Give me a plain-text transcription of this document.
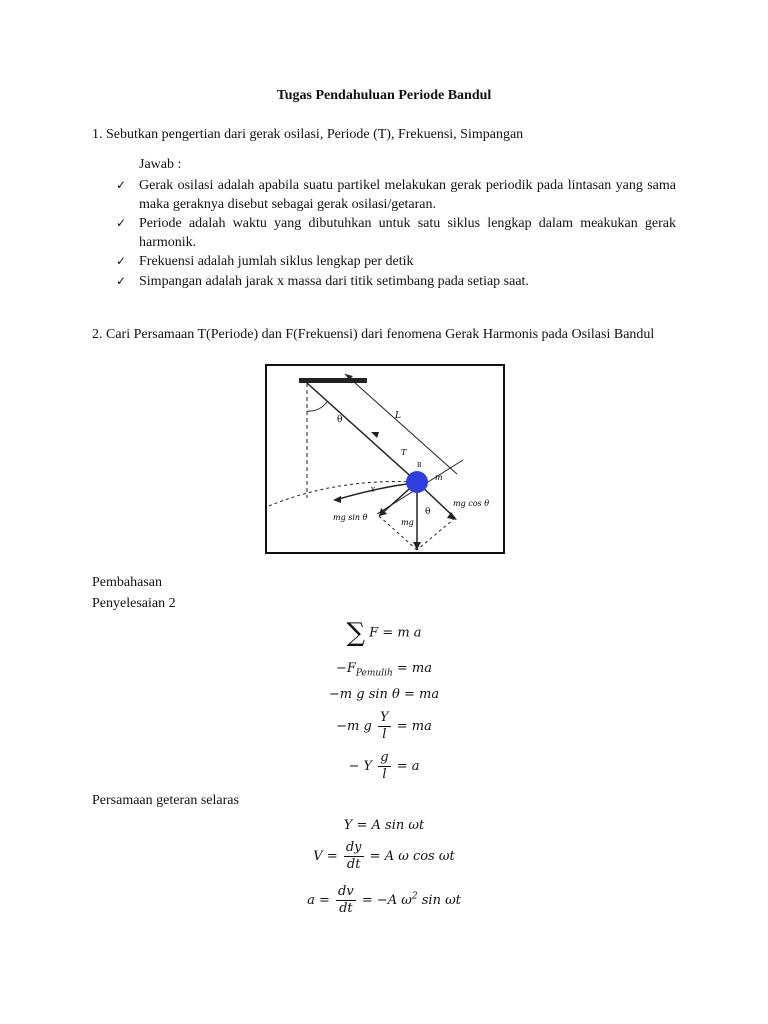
Tugas Pendahuluan Periode Bandul
1. Sebutkan pengertian dari gerak osilasi, Periode (T), Frekuensi, Simpangan
Jawab :
✓ Gerak osilasi adalah apabila suatu partikel melakukan gerak periodik pada lintasan yang sama maka geraknya disebut sebagai gerak osilasi/getaran.
✓ Periode adalah waktu yang dibutuhkan untuk satu siklus lengkap dalam meakukan gerak harmonik.
✓ Frekuensi adalah jumlah siklus lengkap per detik
✓ Simpangan adalah jarak x massa dari titik setimbang pada setiap saat.
2. Cari Persamaan T(Periode) dan F(Frekuensi) dari fenomena Gerak Harmonis pada Osilasi Bandul
θ	L
T
B
m
Y
mg sin θ
mg cos θ
mg
θ
Pembahasan
Penyelesaian 2
∑ F = m a
$-F_{Pemulih}$ = ma
−m g sin θ = ma
−m g $\frac{Y}{l}$ = ma
− Y $\frac{g}{l} = a$
Persamaan geteran selaras
Y = A sin ωt
$V = \frac{dy}{dt} = A$ ω cos ωt
$a = \frac{dv}{dt} = -A$ $\omega^2$ sin ωt
